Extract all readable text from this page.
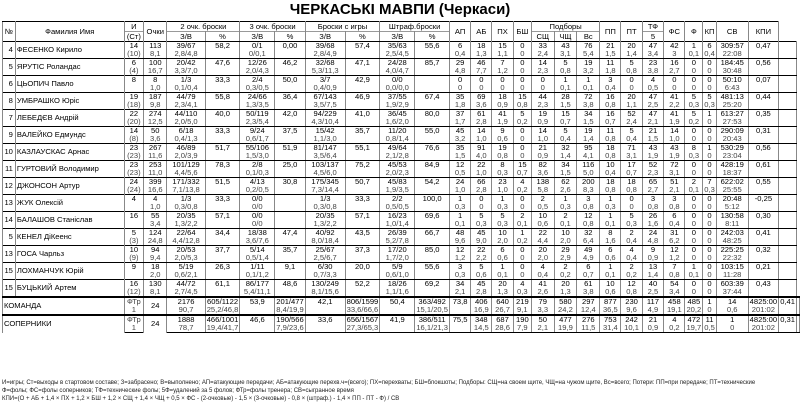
ЧЕРКАСЬКІ МАВПИ (Черкаси)
№	Фамилия Имя	И	Очки	2 очк. броски		3 очк. броски		Броски с игры		Штраф.броски		АП	АБ	ПХ	БШ	Подборы			ПП	ПТ	ТФ	ФС	Ф	КП	СВ	КПИ		
		(Ст)		З/В	%	З/В	%	З/В	%	З/В	%					СЩ	ЧЩ	Вс			5							
4	ФЕСЕНКО Кирило	14	113	39/67	58,2	0/1	0,00	39/68	57,4	35/63	55,6	6	18	15	0	33	43	76	21	20	47	42	1	6	309:57	0,47		
		(10)	8,1	2,8/4,8		0/0,1		2,8/4,9		2,5/4,5		0,4	1,3	1,1	0	2,4	3,1	5,4	1,5	1,4	3,4	3	0,1	0,4	22:08			
5	ЯРУТІС Роландас	6	100	20/42	47,6	12/26	46,2	32/68	47,1	24/28	85,7	29	46	7	0	14	5	19	11	5	23	16	0	0	184:45	0,56		
		(4)	16,7	3,3/7,0		2,0/4,3		5,3/11,3		4,0/4,7		4,8	7,7	1,2	0	2,3	0,8	3,2	1,8	0,8	3,8	2,7	0	0	30:48			
6	ЦЬОПИЧ Павло	8	8	1/3	33,3	2/4	50,0	3/7	42,9	0/0		0	0	0	0	0	1	1	3	0	4	0	0	0	50:10	0,07		
			1,0	0,1/0,4		0,3/0,5		0,4/0,9		0,0/0,0		0	0	0	0	0	0,1	0,1	0,4	0	0,5	0	0	0	6:43			
8	УМБРАШКО Юріс	19	187	44/79	55,8	24/66	36,4	67/143	46,9	37/55	67,4	35	69	18	15	44	28	72	16	20	47	41	5	5	481:13	0,44		
		(18)	9,8	2,3/4,1		1,3/3,5		3,5/7,5		1,9/2,9		1,8	3,6	0,9	0,8	2,3	1,5	3,8	0,8	1,1	2,5	2,2	0,3	0,3	25:20			
7	ЛЕБЕДЄВ Андрій	22	274	44/110	40,0	50/119	42,0	94/229	41,0	36/45	80,0	37	61	41	5	19	15	34	16	52	47	41	5	1	613:27	0,35		
		(20)	12,5	2,0/5,0		2,3/5,4		4,3/10,4		1,6/2,0		1,7	2,8	1,9	0,2	0,9	0,7	1,5	0,7	2,4	2,1	1,9	0,2	0	27:53			
9	ВАЛЕЙКО Едмундс	14	50	6/18	33,3	9/24	37,5	15/42	35,7	11/20	55,0	45	14	9	0	14	5	19	11	5	21	14	0	0	290:09	0,31		
		(8)	3,6	0,4/1,3		0,6/1,7		1,1/3,0		0,8/1,4		3,2	1,0	0,6	0	1,0	0,4	1,4	0,8	0,4	1,5	1,0	0	0	20:43			
10	КАЗЛАУСКАС Арнас	23	267	46/89	51,7	55/106	51,9	81/147	55,1	49/64	76,6	35	91	19	0	21	32	95	18	71	43	43	8	1	530:29	0,56		
		(23)	11,6	2,0/3,9		1,5/3,0		3,5/6,4		2,1/2,8		1,5	4,0	0,8	0	0,9	1,4	4,1	0,8	3,1	1,9	1,9	0,3	0	23:04			
11	ГУРТОВИЙ Володимир	23	253	101/129	78,3	2/8	25,0	103/137	75,2	45/53	84,9	12	22	8	15	82	34	116	10	17	52	72	0	0	428:19	0,61		
		(23)	11,0	4,4/5,6		0,1/0,3		4,5/6,0		2,0/2,3		0,5	1,0	0,3	0,7	3,6	1,5	5,0	0,4	0,7	2,3	3,1	0	0	18:37			
12	ДЖОНСОН Артур	24	399	171/332	51,5	4/13	30,8	175/345	50,7	45/83	54,2	24	66	23	4	138	62	200	18	18	65	51	2	7	622:02	0,55		
		(24)	16,6	7,1/13,8		0,2/0,5		7,3/14,4		1,9/3,5		1,0	2,8	1,0	0,2	5,8	2,6	8,3	0,8	0,8	2,7	2,1	0,1	0,3	25:55			
13	ЖУК Олексій	4	4	1/3	33,3	0/0		1/3	33,3	2/2	100,0	1	0	1	0	2	1	3	1	0	3	3	0	0	20:48	-0,25		
			1,0	0,3/0,8		0/0		0,3/0,8		0,5/0,5		0,3	0	0,3	0	0,5	0,3	0,8	0,3	0	0,8	0,8	0	0	5:12			
14	БАЛАШОВ Станіслав	16	55	20/35	57,1	0/0		20/35	57,1	16/23	69,6	1	5	5	2	10	2	12	1	5	26	6	0	0	130:58	0,30		
			3,4	1,3/2,2		0/0		1,3/2,2		1,0/1,4		0,1	0,3	0,3	0,1	0,6	0,1	0,8	0,1	0,3	1,6	0,4	0	0	8:11			
5	КЕНЕЛ ДіКеенс	5	124	22/64	34,4	18/38	47,4	40/92	43,5	26/39	66,7	48	45	10	1	22	10	32	8	2	24	31	0	0	242:03	0,41		
		(3)	24,8	4,4/12,8		3,6/7,6		8,0/18,4		5,2/7,8		9,6	9,0	2,0	0,2	4,4	2,0	6,4	1,6	0,4	4,8	6,2	0	0	48:25			
13	ГОСА Чарльз	10	94	20/53	37,7	5/14	35,7	25/67	37,3	17/20	85,0	12	22	6	0	20	29	49	6	4	9	12	0	0	225:25	0,32		
		(9)	9,4	2,0/5,3		0,5/1,4		2,5/6,7		1,7/2,0		1,2	2,2	0,6	0	2,0	2,9	4,9	0,6	0,4	0,9	1,2	0	0	22:32			
15	ЛОХМАНЧУК Юрій	9	18	5/19	26,3	1/11	9,1	6/30	20,0	5/9	55,6	3	5	1	0	4	2	6	1	2	13	7	1	0	103:15	0,21		
			2,0	0,6/2,1		0,1/1,2		0,7/3,3		0,6/1,0		0,3	0,6	0,1	0	0,4	0,2	0,7	0,1	0,2	1,4	0,8	0,1	0	11:28			
15	БУЦЬКИЙ Артем	16	130	44/72	61,1	86/177	48,6	130/249	52,2	18/26	69,2	34	45	20	4	41	20	61	10	12	40	54	0	0	603:39	0,43		
		(12)	8,1	2,7/4,5		5,4/11,1		8,1/15,6		1,1/1,6		2,1	2,8	1,3	0,3	2,6	1,3	3,8	0,6	0,8	2,5	3,4	0	0	37:44			
КОМАНДА		ФТр	24	2176	605/1122	53,9	201/477	42,1	806/1599	50,4	363/492	73,8	406	640	219	79	580	297	877	230	117	458	485	1	14	4825:00	0,41	
		1		90,7	25,2/46,8		8,4/19,9		33,6/66,6		15,1/20,5		16,9	26,7	9,1	3,3	24,2	12,4	36,5	9,6	4,9	19,1	20,2	0	0,6	201:02		
СОПЕРНИКИ		ФТр	24	1888	466/1001	46,6	190/566	33,6	656/1567	41,9	386/511	75,5	348	687	190	50	477	276	753	242	21	4	472	11	1	4825:00	0,31	
		1		78,7	19,4/41,7		7,9/23,6		27,3/65,3		16,1/21,3		14,5	28,6	7,9	2,1	19,9	11,5	31,4	10,1	0,9	0,2	19,7	0,5	0	201:02		
И=игры; Ст=выходы в стартовом составе; З=забрасено; В=выполнено; АП=атакующие передачи; АБ=атакующие перехв.ч=(всего); ПХ=перехваты; БШ=блокшоты; Подборы: СЩ=на своем щите, ЧЩ=на чужом щите, Вс=всего; Потери: ПП=при передаче; ПТ=технические
Ф=фолы; ФС=фолы соперников; ТФ=технические фолы; 5Ф=удалений за 5 фолов; ФТр=фолы тренера; СВ=сыгранное время
КПИ=(О + АБ + 1,4 × ПХ + 1,2 × БШ + 1,2 × СЩ + 1,4 × ЧЩ + 0,5 × ФС - (2-очковые) - 1,5 × (3-очковые) - 0,8 × (штраф.) - 1,4 × ПП - ПТ - Ф) / СВ
